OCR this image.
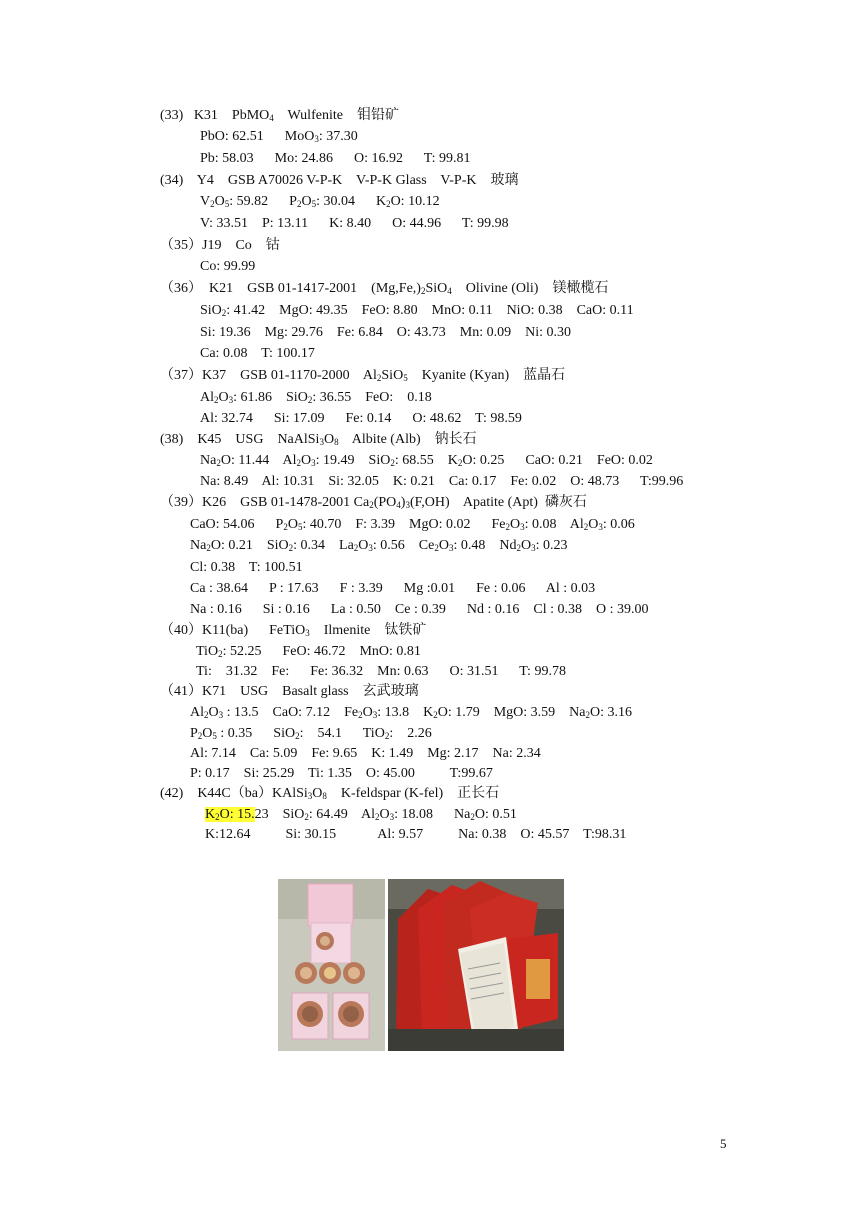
(33)   K31    PbMO$_4$    Wulfenite    钼铅矿
PbO: 62.51      MoO$_3$: 37.30
Pb: 58.03      Mo: 24.86      O: 16.92      T: 99.81
(34)    Y4    GSB A70026 V-P-K    V-P-K Glass    V-P-K    玻璃
$V_2O_5$: 59.82      $P_2O_5$: 30.04      $K_2O$: 10.12
V: 33.51    P: 13.11      K: 8.40      O: 44.96      T: 99.98
（35）J19    Co    钴
Co: 99.99
（36）  K21    GSB 01-1417-2001    $(Mg,Fe,)_2SiO_4$    Olivine (Oli)    镁橄榄石
SiO$_2$: 41.42    MgO: 49.35    FeO: 8.80    MnO: 0.11    NiO: 0.38    CaO: 0.11
Si: 19.36    Mg: 29.76    Fe: 6.84    O: 43.73    Mn: 0.09    Ni: 0.30
Ca: 0.08    T: 100.17
（37）K37    GSB 01-1170-2000    $Al_2SiO_5$    Kyanite (Kyan)    蓝晶石
$Al_2O_3$: 61.86    SiO$_2$: 36.55    FeO:    0.18
Al: 32.74      Si: 17.09      Fe: 0.14      O: 48.62    T: 98.59
(38)    K45    USG    $NaAlSi_3O_8$    Albite (Alb)    钠长石
$Na_2O$: 11.44    $Al_2O_3$: 19.49    SiO$_2$: 68.55    $K_2O$: 0.25      CaO: 0.21    FeO: 0.02
Na: 8.49    Al: 10.31    Si: 32.05    K: 0.21    Ca: 0.17    Fe: 0.02    O: 48.73      T:99.96
（39）K26    GSB 01-1478-2001 $Ca_2(PO_4)_3(F,OH)$    Apatite (Apt)  磷灰石
CaO: 54.06      $P_2O_5$: 40.70    F: 3.39    MgO: 0.02      $Fe_2O_3$: 0.08    $Al_2O_3$: 0.06
$Na_2O$: 0.21    SiO$_2$: 0.34    $La_2O_3$: 0.56    $Ce_2O_3$: 0.48    $Nd_2O_3$: 0.23
Cl: 0.38    T: 100.51
Ca : 38.64      P : 17.63      F : 3.39      Mg :0.01      Fe : 0.06      Al : 0.03
Na : 0.16      Si : 0.16      La : 0.50    Ce : 0.39      Nd : 0.16    Cl : 0.38    O : 39.00
（40）K11(ba)      FeTiO$_3$    Ilmenite    钛铁矿
TiO$_2$: 52.25      FeO: 46.72    MnO: 0.81
Ti:    31.32    Fe:      Fe: 36.32    Mn: 0.63      O: 31.51      T: 99.78
（41）K71    USG    Basalt glass    玄武玻璃
$Al_2O_3$ : 13.5    CaO: 7.12    $Fe_2O_3$: 13.8    $K_2O$: 1.79    MgO: 3.59    $Na_2O$: 3.16
$P_2O_5$ : 0.35      SiO$_2$:    54.1      TiO$_2$:    2.26
Al: 7.14    Ca: 5.09    Fe: 9.65    K: 1.49    Mg: 2.17    Na: 2.34
P: 0.17    Si: 25.29    Ti: 1.35    O: 45.00          T:99.67
(42)    $K44C(ba)KAlSi_3O_8$    K-feldspar (K-fel)    正长石
$K_2O$: 15.23    SiO$_2$: 64.49    $Al_2O_3$: 18.08      $Na_2O$: 0.51
K:12.64          Si: 30.15            Al: 9.57          Na: 0.38    O: 45.57    T:98.31
5
